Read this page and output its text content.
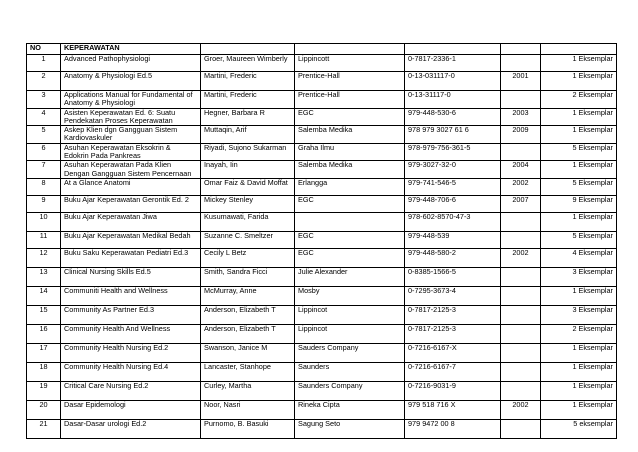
NO	KEPERAWATAN					
1	Advanced Pathophysiologi	Groer, Maureen Wimberly	Lippincott	0-7817-2336-1		1 Eksemplar
2	Anatomy & Physiologi Ed.5	Martini, Frederic	Prentice-Hall	0-13-031117-0	2001	1 Eksemplar
3	Applications Manual for Fundamental of Anatomy & Physiologi	Martini, Frederic	Prentice-Hall	0-13-31117-0		2 Eksemplar
4	Asisten Keperawatan Ed. 6: Suatu Pendekatan Proses Keperawatan	Hegner, Barbara R	EGC	979-448-530-6	2003	1 Eksemplar
5	Askep Klien dgn Gangguan Sistem Kardiovaskuler	Muttaqin, Arif	Salemba Medika	978 979 3027 61 6	2009	1 Eksemplar
6	Asuhan Keperawatan Eksokrin & Edokrin Pada Pankreas	Riyadi, Sujono Sukarman	Graha Ilmu	978-979-756-361-5		5 Eksemplar
7	Asuhan Keperawatan Pada Klien Dengan Gangguan Sistem Pencernaan	Inayah, Iin	Salemba Medika	979-3027-32-0	2004	1 Eksemplar
8	At a Glance Anatomi	Omar Faiz & David Moffat	Erlangga	979-741-546-5	2002	5 Eksemplar
9	Buku Ajar Keperawatan Gerontik Ed. 2	Mickey Stenley	EGC	979-448-706-6	2007	9 Eksemplar
10	Buku Ajar Keperawatan Jiwa	Kusumawati, Farida		978-602-8570-47-3		1 Eksemplar
11	Buku Ajar Keperawatan Medikal Bedah	Suzanne C. Smeltzer	EGC	979-448-539		5 Eksemplar
12	Buku Saku Keperawatan Pediatri Ed.3	Cecily L Betz	EGC	979-448-580-2	2002	4 Eksemplar
13	Clinical Nursing Skills Ed.5	Smith, Sandra Ficci	Julie Alexander	0-8385-1566-5		3 Eksemplar
14	Communiti Health and Wellness	McMurray, Anne	Mosby	0-7295-3673-4		1 Eksemplar
15	Community As Partner Ed.3	Anderson, Elizabeth T	Lippincot	0-7817-2125-3		3 Eksemplar
16	Community Health And Wellness	Anderson, Elizabeth T	Lippincot	0-7817-2125-3		2 Eksemplar
17	Community Health Nursing Ed.2	Swanson, Janice M	Sauders Company	0-7216-6167-X		1 Eksemplar
18	Community Health Nursing Ed.4	Lancaster, Stanhope	Saunders	0-7216-6167-7		1 Eksemplar
19	Critical Care Nursing Ed.2	Curley, Martha	Saunders Company	0-7216-9031-9		1 Eksemplar
20	Dasar Epidemologi	Noor, Nasri	Rineka Cipta	979 518 716 X	2002	1 Eksemplar
21	Dasar-Dasar urologi Ed.2	Purnomo, B. Basuki	Sagung Seto	979 9472 00 8		5 eksemplar
